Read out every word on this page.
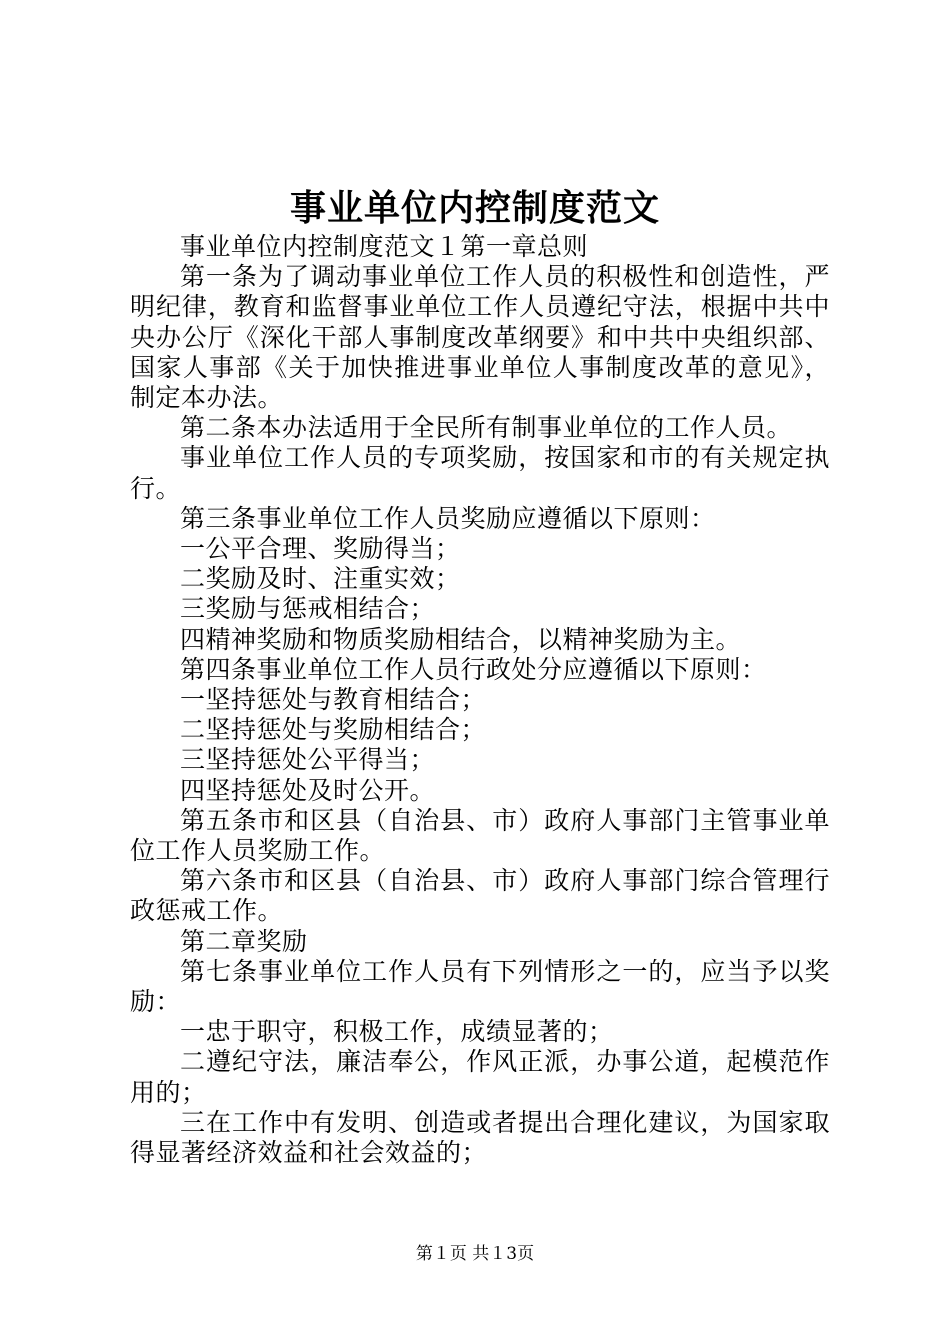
事业单位内控制度范文

事业单位内控制度范文１第一章总则

第一条为了调动事业单位工作人员的积极性和创造性，严明纪律，教育和监督事业单位工作人员遵纪守法，根据中共中央办公厅《深化干部人事制度改革纲要》和中共中央组织部、国家人事部《关于加快推进事业单位人事制度改革的意见》，制定本办法。

第二条本办法适用于全民所有制事业单位的工作人员。

事业单位工作人员的专项奖励，按国家和市的有关规定执行。

第三条事业单位工作人员奖励应遵循以下原则：

一公平合理、奖励得当；

二奖励及时、注重实效；

三奖励与惩戒相结合；

四精神奖励和物质奖励相结合，以精神奖励为主。

第四条事业单位工作人员行政处分应遵循以下原则：

一坚持惩处与教育相结合；

二坚持惩处与奖励相结合；

三坚持惩处公平得当；

四坚持惩处及时公开。

第五条市和区县（自治县、市）政府人事部门主管事业单位工作人员奖励工作。

第六条市和区县（自治县、市）政府人事部门综合管理行政惩戒工作。

第二章奖励

第七条事业单位工作人员有下列情形之一的，应当予以奖励：

一忠于职守，积极工作，成绩显著的；

二遵纪守法，廉洁奉公，作风正派，办事公道，起模范作用的；

三在工作中有发明、创造或者提出合理化建议，为国家取得显著经济效益和社会效益的；

第１页 共１3页
